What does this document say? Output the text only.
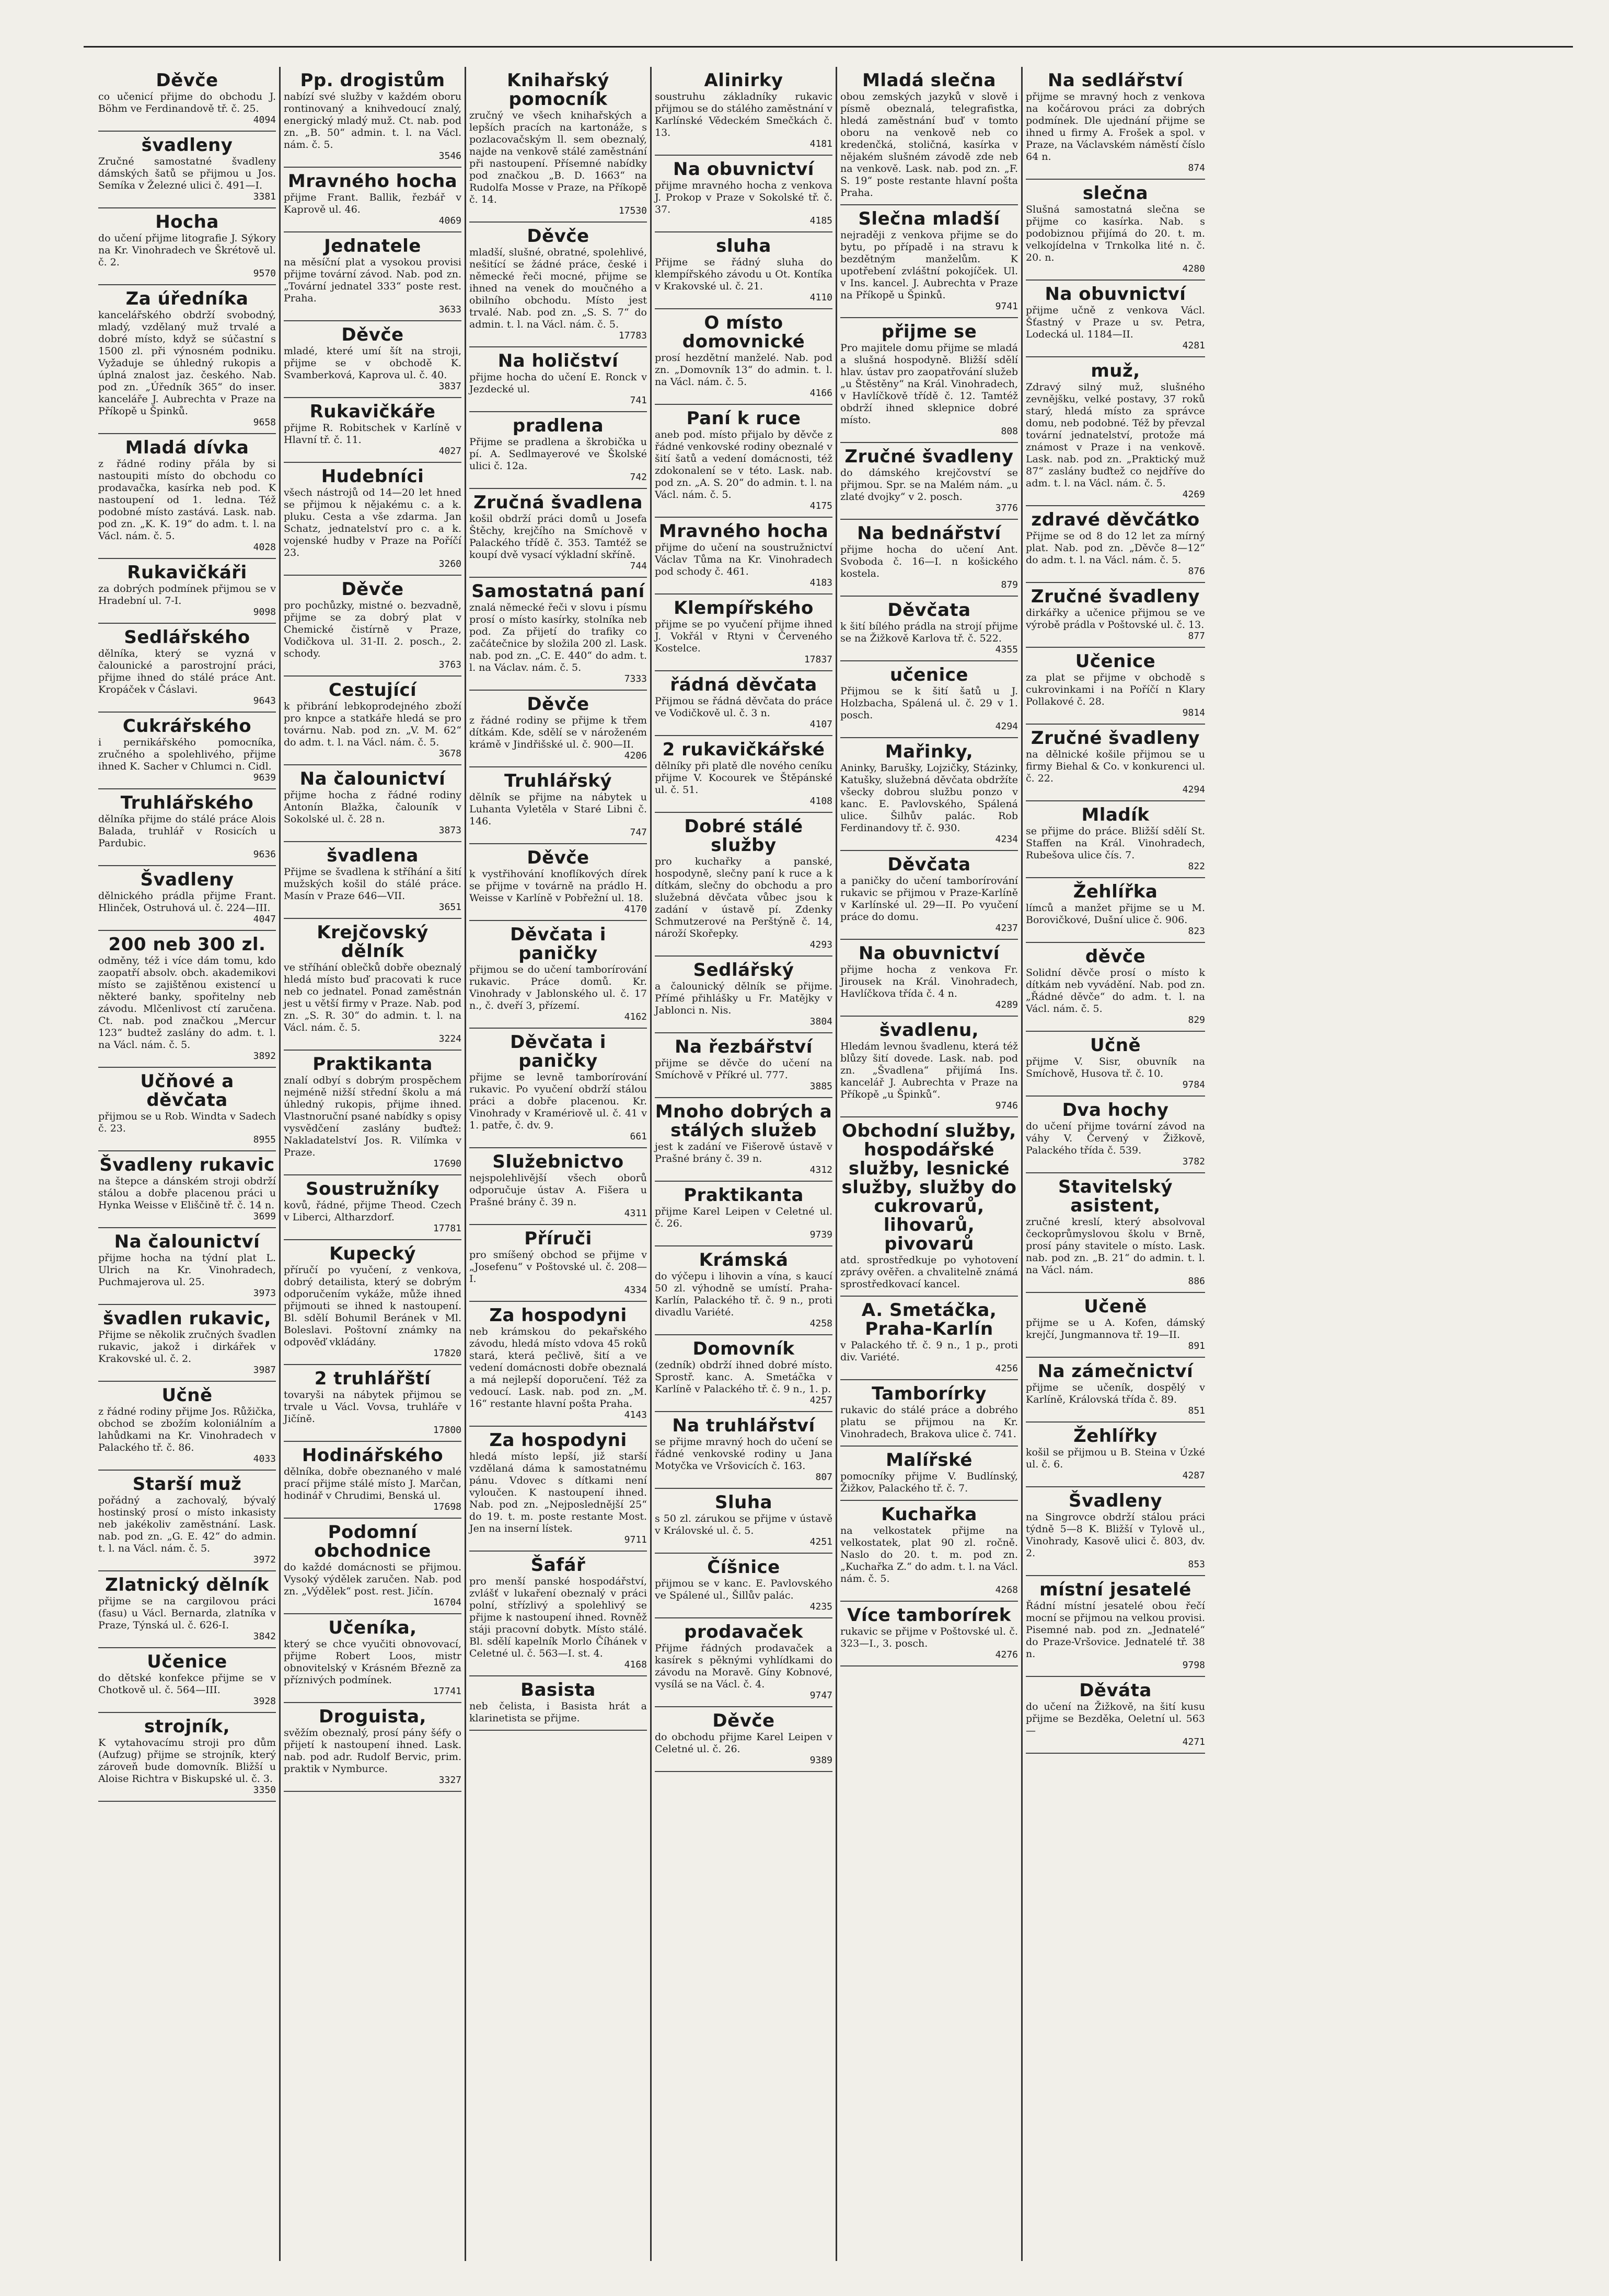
Děvče

co učenicí přijme do obchodu J. Böhm ve Ferdinandově tř. č. 25.

4094
švadleny

Zručné samostatné švadleny dámských šatů se přijmou u Jos. Semíka v Železné ulici č. 491—I.

3381
Hocha

do učení přijme litografie J. Sýkory na Kr. Vinohradech ve Škrétově ul. č. 2.

9570
Za úředníka

kancelářského obdrží svobodný, mladý, vzdělaný muž trvalé a dobré místo, když se súčastní s 1500 zl. při výnosném podniku. Vyžaduje se úhledný rukopis a úplná znalost jaz. českého. Nab. pod zn. „Úředník 365“ do inser. kanceláře J. Aubrechta v Praze na Příkopě u Špinků.

9658
Mladá dívka

z řádné rodiny přála by si nastoupiti místo do obchodu co prodavačka, kasírka neb pod. K nastoupení od 1. ledna. Též podobné místo zastává. Lask. nab. pod zn. „K. K. 19“ do adm. t. l. na Václ. nám. č. 5.

4028
Rukavičkáři

za dobrých podmínek přijmou se v Hradební ul. 7-I.

9098
Sedlářského

dělníka, který se vyzná v čalounické a parostrojní práci, přijme ihned do stálé práce Ant. Kropáček v Čáslavi.

9643
Cukrářského

i pernikářského pomocníka, zručného a spolehlivého, přijme ihned K. Sacher v Chlumci n. Cidl.

9639
Truhlářského

dělníka přijme do stálé práce Alois Balada, truhlář v Rosicích u Pardubic.

9636
Švadleny

dělnického prádla přijme Frant. Hlinček, Ostruhová ul. č. 224—III.

4047
200 neb 300 zl.

odměny, též i více dám tomu, kdo zaopatří absolv. obch. akademikovi místo se zajištěnou existencí u některé banky, spořitelny neb závodu. Mlčenlivost ctí zaručena. Ct. nab. pod značkou „Mercur 123“ budtež zaslány do adm. t. l. na Václ. nám. č. 5.

3892
Učňové a děvčata

přijmou se u Rob. Windta v Sadech č. 23.

8955
Švadleny rukavic

na štepce a dánském stroji obdrží stálou a dobře placenou práci u Hynka Weisse v Eliščině tř. č. 14 n.

3699
Na čalounictví

přijme hocha na týdní plat L. Ulrich na Kr. Vinohradech, Puchmajerova ul. 25.

3973
švadlen rukavic,

Přijme se několik zručných švadlen rukavic, jakož i dirkářek v Krakovské ul. č. 2.

3987
Učně

z řádné rodiny přijme Jos. Růžička, obchod se zbožím koloniálním a lahůdkami na Kr. Vinohradech v Palackého tř. č. 86.

4033
Starší muž

pořádný a zachovalý, bývalý hostinský prosí o místo inkasisty neb jakékoliv zaměstnání. Lask. nab. pod zn. „G. E. 42“ do admin. t. l. na Václ. nám. č. 5.

3972
Zlatnický dělník

přijme se na cargilovou práci (fasu) u Václ. Bernarda, zlatníka v Praze, Týnská ul. č. 626-I.

3842
Učenice

do dětské konfekce přijme se v Chotkově ul. č. 564—III.

3928
strojník,

K vytahovacímu stroji pro dům (Aufzug) přijme se strojník, který zároveň bude domovník. Bližší u Aloise Richtra v Biskupské ul. č. 3.

3350
Pp. drogistům

nabízí své služby v každém oboru rontinovaný a knihvedoucí znalý, energický mladý muž. Ct. nab. pod zn. „B. 50“ admin. t. l. na Václ. nám. č. 5.

3546
Mravného hocha

přijme Frant. Ballik, řezbář v Kaprově ul. 46.

4069
Jednatele

na měsíční plat a vysokou provisi přijme tovární závod. Nab. pod zn. „Tovární jednatel 333“ poste rest. Praha.

3633
Děvče

mladé, které umí šít na stroji, přijme se v obchodě K. Svamberková, Kaprova ul. č. 40.

3837
Rukavičkáře

přijme R. Robitschek v Karlíně v Hlavní tř. č. 11.

4027
Hudebníci

všech nástrojů od 14—20 let hned se přijmou k nějakému c. a k. pluku. Cesta a vše zdarma. Jan Schatz, jednatelství pro c. a k. vojenské hudby v Praze na Poříčí 23.

3260
Děvče

pro pochůzky, mistné o. bezvadně, přijme se za dobrý plat v Chemické čistírně v Praze, Vodičkova ul. 31-II. 2. posch., 2. schody.

3763
Cestující

k přibrání lebkoprodejného zboží pro knpce a statkáře hledá se pro továrnu. Nab. pod zn. „V. M. 62“ do adm. t. l. na Václ. nám. č. 5.

3678
Na čalounictví

přijme hocha z řádné rodiny Antonín Blažka, čalouník v Sokolské ul. č. 28 n.

3873
švadlena

Přijme se švadlena k stříhání a šití mužských košil do stálé práce. Masín v Praze 646—VII.

3651
Krejčovský dělník

ve stříhání oblečků dobře obeznalý hledá místo buď pracovati k ruce neb co jednatel. Ponad zaměstnán jest u větší firmy v Praze. Nab. pod zn. „S. R. 30“ do admin. t. l. na Václ. nám. č. 5.

3224
Praktikanta

znalí odbyí s dobrým prospěchem nejméně nižší střední školu a má úhledný rukopis, přijme ihned. Vlastnoruční psané nabídky s opisy vysvědčení zaslány buďtež: Nakladatelství Jos. R. Vilímka v Praze.

17690
Soustružníky

kovů, řádné, přijme Theod. Czech v Liberci, Altharzdorf.

17781
Kupecký

příručí po vyučení, z venkova, dobrý detailista, který se dobrým odporučením vykáže, může ihned přijmouti se ihned k nastoupení. Bl. sdělí Bohumil Beránek v Ml. Boleslavi. Poštovní známky na odpověď vkládány.

17820
2 truhlářští

tovaryši na nábytek přijmou se trvale u Václ. Vovsa, truhláře v Jičíně.

17800
Hodinářského

dělníka, dobře obeznaného v malé prací přijme stálé místo J. Marčan, hodinář v Chrudimi, Benská ul.

17698
Podomní obchodnice

do každé domácnosti se přijmou. Vysoký výdělek zaručen. Nab. pod zn. „Výdělek“ post. rest. Jičín.

16704
Učeníka,

který se chce vyučiti obnovovací, přijme Robert Loos, mistr obnovitelský v Krásném Březně za příznivých podmínek.

17741
Droguista,

svěžím obeznalý, prosí pány šéfy o přijetí k nastoupení ihned. Lask. nab. pod adr. Rudolf Bervic, prim. praktik v Nymburce.

3327
Knihařský pomocník

zručný ve všech knihařských a lepších pracích na kartonáže, s pozlacovačským ll. sem obeznalý, najde na venkově stálé zaměstnání při nastoupení. Přísemné nabídky pod značkou „B. D. 1663“ na Rudolfa Mosse v Praze, na Příkopě č. 14.

17530
Děvče

mladší, slušné, obratné, spolehlivé, nešitící se žádné práce, české i německé řeči mocné, přijme se ihned na venek do moučného a obilního obchodu. Místo jest trvalé. Nab. pod zn. „S. S. 7“ do admin. t. l. na Václ. nám. č. 5.

17783
Na holičství

přijme hocha do učení E. Ronck v Jezdecké ul.

741
pradlena

Přijme se pradlena a škrobička u pí. A. Sedlmayerové ve Školské ulici č. 12a.

742
Zručná švadlena

košil obdrží práci domů u Josefa Štěchy, krejčího na Smíchově v Palackého třídě č. 353. Tamtéž se koupí dvě vysací výkladní skříně.

744
Samostatná paní

znalá německé řeči v slovu i písmu prosí o místo kasírky, stolníka neb pod. Za přijetí do trafiky co začátečnice by složila 200 zl. Lask. nab. pod zn. „C. E. 440“ do adm. t. l. na Václav. nám. č. 5.

7333
Děvče

z řádné rodiny se přijme k třem dítkám. Kde, sdělí se v nároženém krámě v Jindřišské ul. č. 900—II.

4206
Truhlářský

dělník se přijme na nábytek u Luhanta Vyletěla v Staré Libni č. 146.

747
Děvče

k vystřihování knoflíkových dírek se přijme v továrně na prádlo H. Weisse v Karlíně v Pobřežní ul. 18.

4170
Děvčata i paničky

přijmou se do učení tamborírování rukavic. Práce domů. Kr. Vinohrady v Jablonského ul. č. 17 n., č. dveří 3, přízemí.

4162
Děvčata i paničky

přijme se levně tamborírování rukavic. Po vyučení obdrží stálou práci a dobře placenou. Kr. Vinohrady v Kramériově ul. č. 41 v 1. patře, č. dv. 9.

661
Služebnictvo

nejspolehlivější všech oborů odporučuje ústav A. Fišera u Prašné brány č. 39 n.

4311
Příruči

pro smíšený obchod se přijme v „Josefenu“ v Poštovské ul. č. 208—I.

4334
Za hospodyni

neb krámskou do pekařského závodu, hledá místo vdova 45 roků stará, která pečlivě, šití a ve vedení domácnosti dobře obeznalá a má nejlepší doporučení. Též za vedoucí. Lask. nab. pod zn. „M. 16“ restante hlavní pošta Praha.

4143
Za hospodyni

hledá místo lepší, již starší vzdělaná dáma k samostatnému pánu. Vdovec s dítkami není vyloučen. K nastoupení ihned. Nab. pod zn. „Nejposlednější 25“ do 19. t. m. poste restante Most. Jen na inserní lístek.

9711
Šafář

pro menší panské hospodářství, zvlášť v lukaření obeznalý v práci polní, střízlivý a spolehlivý se přijme k nastoupení ihned. Rovněž stáji pracovní dobytk. Místo stálé. Bl. sdělí kapelník Morlo Číhánek v Celetné ul. č. 563—I. st. 4.

4168
Basista

neb čelista, i Basista hrát a klarinetista se přijme.

Alinirky

soustruhu základníky rukavic přijmou se do stálého zaměstnání v Karlínské Vědeckém Smečkách č. 13.

4181
Na obuvnictví

přijme mravného hocha z venkova J. Prokop v Praze v Sokolské tř. č. 37.

4185
sluha

Přijme se řádný sluha do klempířského závodu u Ot. Kontíka v Krakovské ul. č. 21.

4110
O místo domovnické

prosí hezdětní manželé. Nab. pod zn. „Domovník 13“ do admin. t. l. na Václ. nám. č. 5.

4166
Paní k ruce

aneb pod. místo přijalo by děvče z řádné venkovské rodiny obeznalé v šití šatů a vedení domácnosti, též zdokonalení se v této. Lask. nab. pod zn. „A. S. 20“ do admin. t. l. na Václ. nám. č. 5.

4175
Mravného hocha

přijme do učení na soustružnictví Václav Tůma na Kr. Vinohradech pod schody č. 461.

4183
Klempířského

přijme se po vyučení přijme ihned J. Vokřál v Rtyni v Červeného Kostelce.

17837
řádná děvčata

Přijmou se řádná děvčata do práce ve Vodičkově ul. č. 3 n.

4107
2 rukavičkářské

dělníky při platě dle nového ceníku přijme V. Kocourek ve Štěpánské ul. č. 51.

4108
Dobré stálé služby

pro kuchařky a panské, hospodyně, slečny paní k ruce a k dítkám, slečny do obchodu a pro služebná děvčata vůbec jsou k zadání v ústavě pí. Zdenky Schmutzerové na Perštýně č. 14, nároží Skořepky.

4293
Sedlářský

a čalounický dělník se přijme. Přímé přihlášky u Fr. Matějky v Jablonci n. Nis.

3804
Na řezbářství

přijme se děvče do učení na Smíchově v Příkré ul. 777.

3885
Mnoho dobrých a stálých služeb

jest k zadání ve Fišerově ústavě v Prašné brány č. 39 n.

4312
Praktikanta

přijme Karel Leipen v Celetné ul. č. 26.

9739
Krámská

do výčepu i lihovin a vína, s kaucí 50 zl. výhodně se umístí. Praha-Karlín, Palackého tř. č. 9 n., proti divadlu Variété.

4258
Domovník

(zedník) obdrží ihned dobré místo. Sprostř. kanc. A. Smetáčka v Karlíně v Palackého tř. č. 9 n., 1. p.

4257
Na truhlářství

se přijme mravný hoch do učení se řádné venkovské rodiny u Jana Motyčka ve Vršovicích č. 163.

807
Sluha

s 50 zl. zárukou se přijme v ústavě v Královské ul. č. 5.

4251
Číšnice

přijmou se v kanc. E. Pavlovského ve Spálené ul., Šillův palác.

4235
prodavaček

Přijme řádných prodavaček a kasírek s pěknými vyhlídkami do závodu na Moravě. Gíny Kobnové, vysílá se na Václ. č. 4.

9747
Děvče

do obchodu přijme Karel Leipen v Celetné ul. č. 26.

9389
Mladá slečna

obou zemských jazyků v slově i písmě obeznalá, telegrafistka, hledá zaměstnání buď v tomto oboru na venkově neb co kredenčká, stoličná, kasírka v nějakém slušném závodě zde neb na venkově. Lask. nab. pod zn. „F. S. 19“ poste restante hlavní pošta Praha.

Slečna mladší

nejraději z venkova přijme se do bytu, po případě i na stravu k bezdětným manželům. K upotřebení zvláštní pokojíček. Ul. v Ins. kancel. J. Aubrechta v Praze na Příkopě u Špinků.

9741
přijme se

Pro majitele domu přijme se mladá a slušná hospodyně. Bližší sdělí hlav. ústav pro zaopatřování služeb „u Štěstěny“ na Král. Vinohradech, v Havlíčkově třídě č. 12. Tamtéž obdrží ihned sklepnice dobré místo.

808
Zručné švadleny

do dámského krejčovství se přijmou. Spr. se na Malém nám. „u zlaté dvojky“ v 2. posch.

3776
Na bednářství

přijme hocha do učení Ant. Svoboda č. 16—I. n košického kostela.

879
Děvčata

k šití bílého prádla na strojí přijme se na Žižkově Karlova tř. č. 522.

4355
učenice

Přijmou se k šití šatů u J. Holzbacha, Spálená ul. č. 29 v 1. posch.

4294
Mařinky,

Aninky, Barušky, Lojzičky, Stázinky, Katušky, služebná děvčata obdržíte všecky dobrou službu ponzo v kanc. E. Pavlovského, Spálená ulice. Šilhův palác. Rob Ferdinandovy tř. č. 930.

4234
Děvčata

a paničky do učení tamborírování rukavic se přijmou v Praze-Karlíně v Karlínské ul. 29—II. Po vyučení práce do domu.

4237
Na obuvnictví

přijme hocha z venkova Fr. Jirousek na Král. Vinohradech, Havlíčkova třída č. 4 n.

4289
švadlenu,

Hledám levnou švadlenu, která též blůzy šití dovede. Lask. nab. pod zn. „Švadlena“ přijímá Ins. kancelář J. Aubrechta v Praze na Příkopě „u Špinků“.

9746
Obchodní služby, hospodářské služby, lesnické služby, služby do cukrovarů, lihovarů, pivovarů

atd. sprostředkuje po vyhotovení zprávy ověřen. a chvalitelně známá sprostředkovací kancel.

A. Smetáčka, Praha-Karlín

v Palackého tř. č. 9 n., 1 p., proti div. Variété.

4256
Tamborírky

rukavic do stálé práce a dobrého platu se přijmou na Kr. Vinohradech, Brakova ulice č. 741.

Malířské

pomocníky přijme V. Budlínský, Žižkov, Palackého tř. č. 7.

Kuchařka

na velkostatek přijme na velkostatek, plat 90 zl. ročně. Naslo do 20. t. m. pod zn. „Kuchařka Z.“ do adm. t. l. na Václ. nám. č. 5.

4268
Více tamborírek

rukavic se přijme v Poštovské ul. č. 323—I., 3. posch.

4276
Na sedlářství

přijme se mravný hoch z venkova na kočárovou práci za dobrých podmínek. Dle ujednání přijme se ihned u firmy A. Frošek a spol. v Praze, na Václavském náměstí číslo 64 n.

874
slečna

Slušná samostatná slečna se přijme co kasírka. Nab. s podobiznou přijímá do 20. t. m. velkojídelna v Trnkolka lité n. č. 20. n.

4280
Na obuvnictví

přijme učně z venkova Václ. Šťastný v Praze u sv. Petra, Lodecká ul. 1184—II.

4281
muž,

Zdravý silný muž, slušného zevnějšku, velké postavy, 37 roků starý, hledá místo za správce domu, neb podobné. Též by převzal tovární jednatelství, protože má známost v Praze i na venkově. Lask. nab. pod zn. „Praktický muž 87“ zaslány buďtež co nejdříve do adm. t. l. na Václ. nám. č. 5.

4269
zdravé děvčátko

Přijme se od 8 do 12 let za mírný plat. Nab. pod zn. „Děvče 8—12“ do adm. t. l. na Václ. nám. č. 5.

876
Zručné švadleny

dirkářky a učenice přijmou se ve výrobě prádla v Poštovské ul. č. 13.

877
Učenice

za plat se přijme v obchodě s cukrovinkami i na Poříčí n Klary Pollakové č. 28.

9814
Zručné švadleny

na dělnické košile přijmou se u firmy Biehal & Co. v konkurenci ul. č. 22.

4294
Mladík

se přijme do práce. Bližší sdělí St. Staffen na Král. Vinohradech, Rubešova ulice čís. 7.

822
Žehlířka

límců a manžet přijme se u M. Borovičkové, Dušní ulice č. 906.

823
děvče

Solidní děvče prosí o místo k dítkám neb vyvádění. Nab. pod zn. „Řádné děvče“ do adm. t. l. na Václ. nám. č. 5.

829
Učně

přijme V. Sisr, obuvník na Smíchově, Husova tř. č. 10.

9784
Dva hochy

do učení přijme tovární závod na váhy V. Červený v Žižkově, Palackého třída č. 539.

3782
Stavitelský asistent,

zručné kreslí, který absolvoval čeckoprůmyslovou školu v Brně, prosí pány stavitele o místo. Lask. nab. pod zn. „B. 21“ do admin. t. l. na Václ. nám.

886
Učeně

přijme se u A. Kofen, dámský krejčí, Jungmannova tř. 19—II.

891
Na zámečnictví

přijme se učeník, dospělý v Karlíně, Královská třída č. 89.

851
Žehlířky

košil se přijmou u B. Steina v Úzké ul. č. 6.

4287
Švadleny

na Singrovce obdrží stálou práci týdně 5—8 K. Bližší v Tylově ul., Vinohrady, Kasově ulici č. 803, dv. 2.

853
místní jesatelé

Řádní místní jesatelé obou řečí mocní se přijmou na velkou provisi. Pisemné nab. pod zn. „Jednatelé“ do Praze-Vršovice. Jednatelé tř. 38 n.

9798
Děváta

do učení na Žižkově, na šití kusu přijme se Bezděka, Oeletní ul. 563—

4271
